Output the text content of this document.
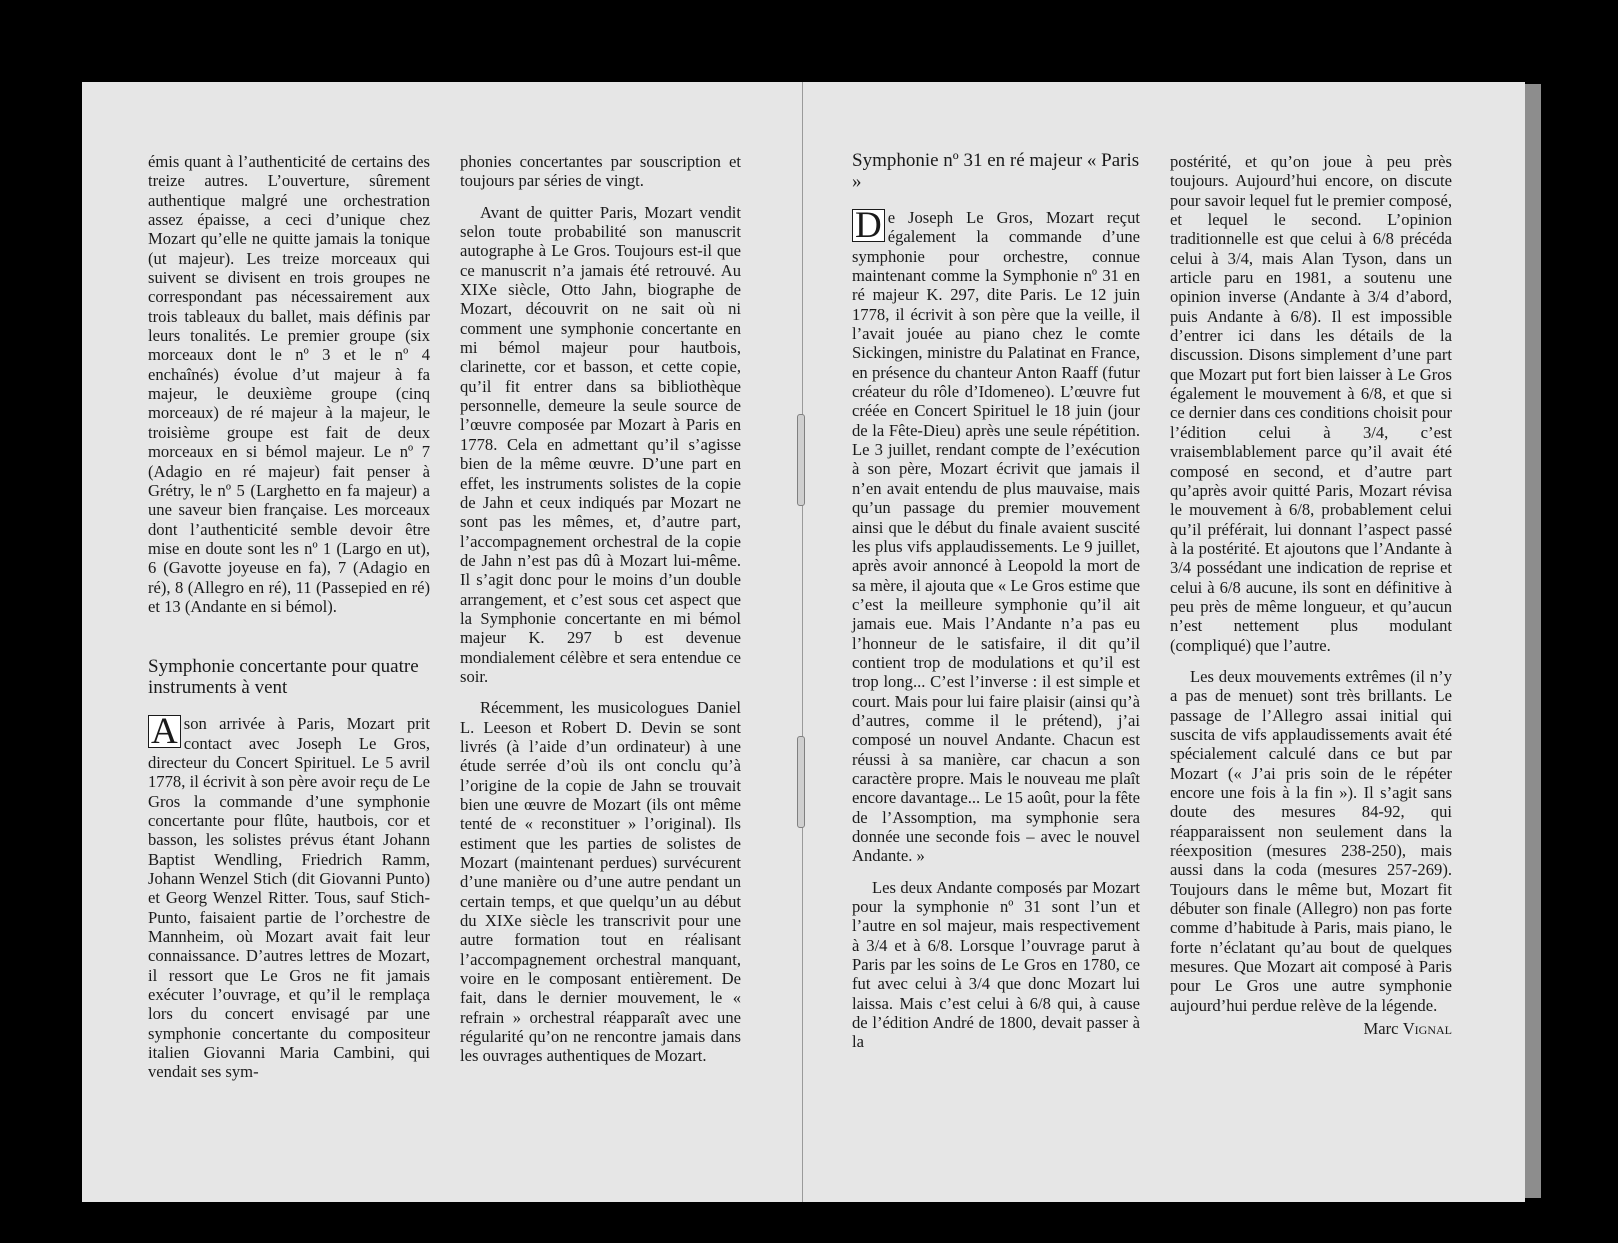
émis quant à l’authenticité de certains des treize autres. L’ouverture, sûrement authentique malgré une orchestration assez épaisse, a ceci d’unique chez Mozart qu’elle ne quitte jamais la tonique (ut majeur). Les treize morceaux qui suivent se divisent en trois groupes ne correspondant pas nécessairement aux trois tableaux du ballet, mais définis par leurs tonalités. Le premier groupe (six morceaux dont le nº 3 et le nº 4 enchaînés) évolue d’ut majeur à fa majeur, le deuxième groupe (cinq morceaux) de ré majeur à la majeur, le troisième groupe est fait de deux morceaux en si bémol majeur. Le nº 7 (Adagio en ré majeur) fait penser à Grétry, le nº 5 (Larghetto en fa majeur) a une saveur bien française. Les morceaux dont l’authenticité semble devoir être mise en doute sont les nº 1 (Largo en ut), 6 (Gavotte joyeuse en fa), 7 (Adagio en ré), 8 (Allegro en ré), 11 (Passepied en ré) et 13 (Andante en si bémol).

Symphonie concertante pour quatre instruments à vent

A son arrivée à Paris, Mozart prit contact avec Joseph Le Gros, directeur du Concert Spirituel. Le 5 avril 1778, il écrivit à son père avoir reçu de Le Gros la commande d’une symphonie concertante pour flûte, hautbois, cor et basson, les solistes prévus étant Johann Baptist Wendling, Friedrich Ramm, Johann Wenzel Stich (dit Giovanni Punto) et Georg Wenzel Ritter. Tous, sauf Stich-Punto, faisaient partie de l’orchestre de Mannheim, où Mozart avait fait leur connaissance. D’autres lettres de Mozart, il ressort que Le Gros ne fit jamais exécuter l’ouvrage, et qu’il le remplaça lors du concert envisagé par une symphonie concertante du compositeur italien Giovanni Maria Cambini, qui vendait ses sym-

phonies concertantes par souscription et toujours par séries de vingt.

Avant de quitter Paris, Mozart vendit selon toute probabilité son manuscrit autographe à Le Gros. Toujours est-il que ce manuscrit n’a jamais été retrouvé. Au XIXe siècle, Otto Jahn, biographe de Mozart, découvrit on ne sait où ni comment une symphonie concertante en mi bémol majeur pour hautbois, clarinette, cor et basson, et cette copie, qu’il fit entrer dans sa bibliothèque personnelle, demeure la seule source de l’œuvre composée par Mozart à Paris en 1778. Cela en admettant qu’il s’agisse bien de la même œuvre. D’une part en effet, les instruments solistes de la copie de Jahn et ceux indiqués par Mozart ne sont pas les mêmes, et, d’autre part, l’accompagnement orchestral de la copie de Jahn n’est pas dû à Mozart lui-même. Il s’agit donc pour le moins d’un double arrangement, et c’est sous cet aspect que la Symphonie concertante en mi bémol majeur K. 297 b est devenue mondialement célèbre et sera entendue ce soir.

Récemment, les musicologues Daniel L. Leeson et Robert D. Devin se sont livrés (à l’aide d’un ordinateur) à une étude serrée d’où ils ont conclu qu’à l’origine de la copie de Jahn se trouvait bien une œuvre de Mozart (ils ont même tenté de « reconstituer » l’original). Ils estiment que les parties de solistes de Mozart (maintenant perdues) survécurent d’une manière ou d’une autre pendant un certain temps, et que quelqu’un au début du XIXe siècle les transcrivit pour une autre formation tout en réalisant l’accompagnement orchestral manquant, voire en le composant entièrement. De fait, dans le dernier mouvement, le « refrain » orchestral réapparaît avec une régularité qu’on ne rencontre jamais dans les ouvrages authentiques de Mozart.

Symphonie nº 31 en ré majeur « Paris »

D e Joseph Le Gros, Mozart reçut également la commande d’une symphonie pour orchestre, connue maintenant comme la Symphonie nº 31 en ré majeur K. 297, dite Paris. Le 12 juin 1778, il écrivit à son père que la veille, il l’avait jouée au piano chez le comte Sickingen, ministre du Palatinat en France, en présence du chanteur Anton Raaff (futur créateur du rôle d’Idomeneo). L’œuvre fut créée en Concert Spirituel le 18 juin (jour de la Fête-Dieu) après une seule répétition. Le 3 juillet, rendant compte de l’exécution à son père, Mozart écrivit que jamais il n’en avait entendu de plus mauvaise, mais qu’un passage du premier mouvement ainsi que le début du finale avaient suscité les plus vifs applaudissements. Le 9 juillet, après avoir annoncé à Leopold la mort de sa mère, il ajouta que « Le Gros estime que c’est la meilleure symphonie qu’il ait jamais eue. Mais l’Andante n’a pas eu l’honneur de le satisfaire, il dit qu’il contient trop de modulations et qu’il est trop long... C’est l’inverse : il est simple et court. Mais pour lui faire plaisir (ainsi qu’à d’autres, comme il le prétend), j’ai composé un nouvel Andante. Chacun est réussi à sa manière, car chacun a son caractère propre. Mais le nouveau me plaît encore davantage... Le 15 août, pour la fête de l’Assomption, ma symphonie sera donnée une seconde fois – avec le nouvel Andante. »

Les deux Andante composés par Mozart pour la symphonie nº 31 sont l’un et l’autre en sol majeur, mais respectivement à 3/4 et à 6/8. Lorsque l’ouvrage parut à Paris par les soins de Le Gros en 1780, ce fut avec celui à 3/4 que donc Mozart lui laissa. Mais c’est celui à 6/8 qui, à cause de l’édition André de 1800, devait passer à la

postérité, et qu’on joue à peu près toujours. Aujourd’hui encore, on discute pour savoir lequel fut le premier composé, et lequel le second. L’opinion traditionnelle est que celui à 6/8 précéda celui à 3/4, mais Alan Tyson, dans un article paru en 1981, a soutenu une opinion inverse (Andante à 3/4 d’abord, puis Andante à 6/8). Il est impossible d’entrer ici dans les détails de la discussion. Disons simplement d’une part que Mozart put fort bien laisser à Le Gros également le mouvement à 6/8, et que si ce dernier dans ces conditions choisit pour l’édition celui à 3/4, c’est vraisemblablement parce qu’il avait été composé en second, et d’autre part qu’après avoir quitté Paris, Mozart révisa le mouvement à 6/8, probablement celui qu’il préférait, lui donnant l’aspect passé à la postérité. Et ajoutons que l’Andante à 3/4 possédant une indication de reprise et celui à 6/8 aucune, ils sont en définitive à peu près de même longueur, et qu’aucun n’est nettement plus modulant (compliqué) que l’autre.

Les deux mouvements extrêmes (il n’y a pas de menuet) sont très brillants. Le passage de l’Allegro assai initial qui suscita de vifs applaudissements avait été spécialement calculé dans ce but par Mozart (« J’ai pris soin de le répéter encore une fois à la fin »). Il s’agit sans doute des mesures 84-92, qui réapparaissent non seulement dans la réexposition (mesures 238-250), mais aussi dans la coda (mesures 257-269). Toujours dans le même but, Mozart fit débuter son finale (Allegro) non pas forte comme d’habitude à Paris, mais piano, le forte n’éclatant qu’au bout de quelques mesures. Que Mozart ait composé à Paris pour Le Gros une autre symphonie aujourd’hui perdue relève de la légende.

Marc Vignal
